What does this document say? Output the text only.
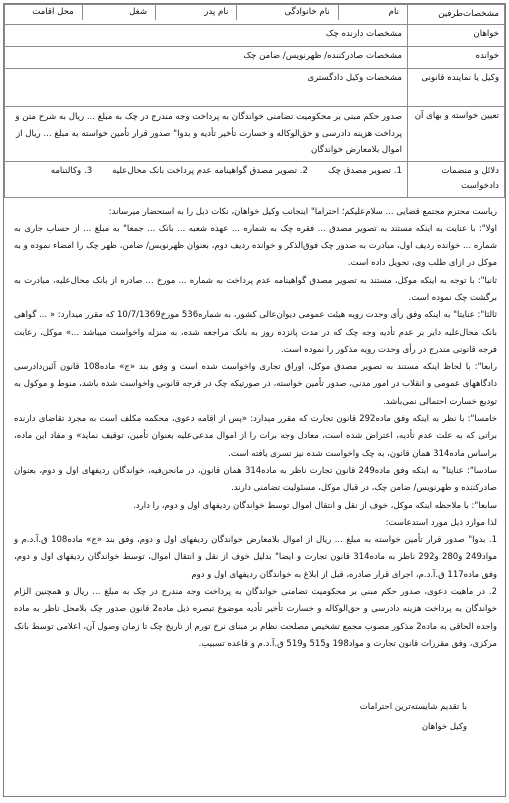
مشخصات‌طرفین	
نام	نام خانوادگی	نام پدر	شغل	محل اقامت

خواهان	مشخصات دارنده چک
خوانده	مشخصات صادرکننده/ ظهرنویس/ ضامن چک
وکیل یا نماینده قانونی	مشخصات وکیل دادگستری
تعیین خواسته و بهای آن	صدور حکم مبنی بر محکومیت تضامنی خواندگان به پرداخت وجه مندرج در چک به مبلغ ... ریال به شرح متن و پرداخت هزینه دادرسی و حق‌الوکاله و خسارت تأخیر تأدیه و بدوا" صدور قرار تأمین خواسته به مبلغ ... ریال از اموال بلامعارض خواندگان
دلائل و منضمات دادخواست	1. تصویر مصدق چک2. تصویر مصدق گواهینامه عدم پرداخت بانک محال‌علیه3. وکالتنامه

ریاست محترم مجتمع قضایی ... سلام‌علیکم؛ احتراما" اینجانب وکیل خواهان، نکات ذیل را به استحضار میرساند:

اولا": با عنایت به اینکه مستند به تصویر مصدق ... فقره چک به شماره ... عهده شعبه ... بانک ... جمعا" به مبلغ ... از حساب جاری به شماره ... خوانده ردیف اول، مبادرت به صدور چک فوق‌الذکر و خوانده ردیف دوم، بعنوان ظهرنویس/ ضامن، ظهر چک را امضاء نموده و به موکل در ازای طلب وی، تحویل داده است.

ثانیا": با توجه به اینکه موکل، مستند به تصویر مصدق گواهینامه عدم پرداخت به شماره ... مورخ ... صادره از بانک محال‌علیه، مبادرت به برگشت چک نموده است.

ثالثا": عنایتا" به اینکه وفق رأی وحدت رویه هیئت عمومی دیوان‌عالی کشور، به شماره536 مورخ10/7/1369 که مقرر میدارد: « ... گواهی بانک محال‌علیه دایر بر عدم تأدیه وجه چک که در مدت پانزده روز به بانک مراجعه شده، به منزله واخواست میباشد ...» موکل، رعایت فرجه قانونی مندرج در رأی وحدت رویه مذکور را نموده است.

رابعا": با لحاظ اینکه مستند به تصویر مصدق موکل، اوراق تجاری واخواست شده است و وفق بند «ج» ماده108 قانون آئین‌دادرسی دادگاههای عمومی و انقلاب در امور مدنی، صدور تأمین خواسته، در صورتیکه چک در فرجه قانونی واخواست شده باشد، منوط و موکول به تودیع خسارت احتمالی نمی‌باشد.

خامسا": با نظر به اینکه وفق ماده292 قانون تجارت که مقرر میدارد: «پس از اقامه دعوی، محکمه مکلف است به مجرد تقاضای دارنده براتی که به علت عدم تأدیه، اعتراض شده است، معادل وجه برات را از اموال مدعی‌علیه بعنوان تأمین، توقیف نماید» و مفاد این ماده، براساس ماده314 همان قانون، به چک واخواست شده نیز تسری یافته است.

سادسا": عنایتا" به اینکه وفق ماده249 قانون تجارت ناظر به ماده314 همان قانون، در ما‌نحن‌فیه، خواندگان ردیفهای اول و دوم، بعنوان صادرکننده و ظهرنویس/ ضامن چک، در قبال موکل، مسئولیت تضامنی دارند.

سابعا": با ملاحظه اینکه موکل، خوف از نقل و انتقال اموال توسط خواندگان ردیفهای اول و دوم، را دارد.

لذا موارد ذیل مورد استدعاست:

1. بدوا" صدور قرار تأمین خواسته به مبلغ ... ریال از اموال بلامعارض خواندگان ردیفهای اول و دوم، وفق بند «ج» ماده108 ق.آ.د.م و مواد249 و280 و292 ناظر به ماده314 قانون تجارت و ایضا" بدلیل خوف از نقل و انتقال اموال، توسط خواندگان ردیفهای اول و دوم، وفق ماده117 ق.آ.د.م، اجرای قرار صادره، قبل از ابلاغ به خواندگان ردیفهای اول و دوم

2. در ماهیت دعوی، صدور حکم مبنی بر محکومیت تضامنی خواندگان به پرداخت وجه مندرج در چک به مبلغ ... ریال و همچنین الزام خواندگان به پرداخت هزینه دادرسی و حق‌الوکاله و خسارت تأخیر تأدیه موضوع تبصره ذیل ماده2 قانون صدور چک بلامحل ناظر به ماده واحده الحاقی به ماده2 مذکور مصوب مجمع تشخیص مصلحت نظام بر مبنای نرخ تورم از تاریخ چک تا زمان وصول آن، اعلامی توسط بانک مرکزی، وفق مقررات قانون تجارت و مواد198 و515 و519 ق.آ.د.م و قاعده تسبیب.

با تقدیم شایسته‌ترین احترامات
وکیل خواهان
